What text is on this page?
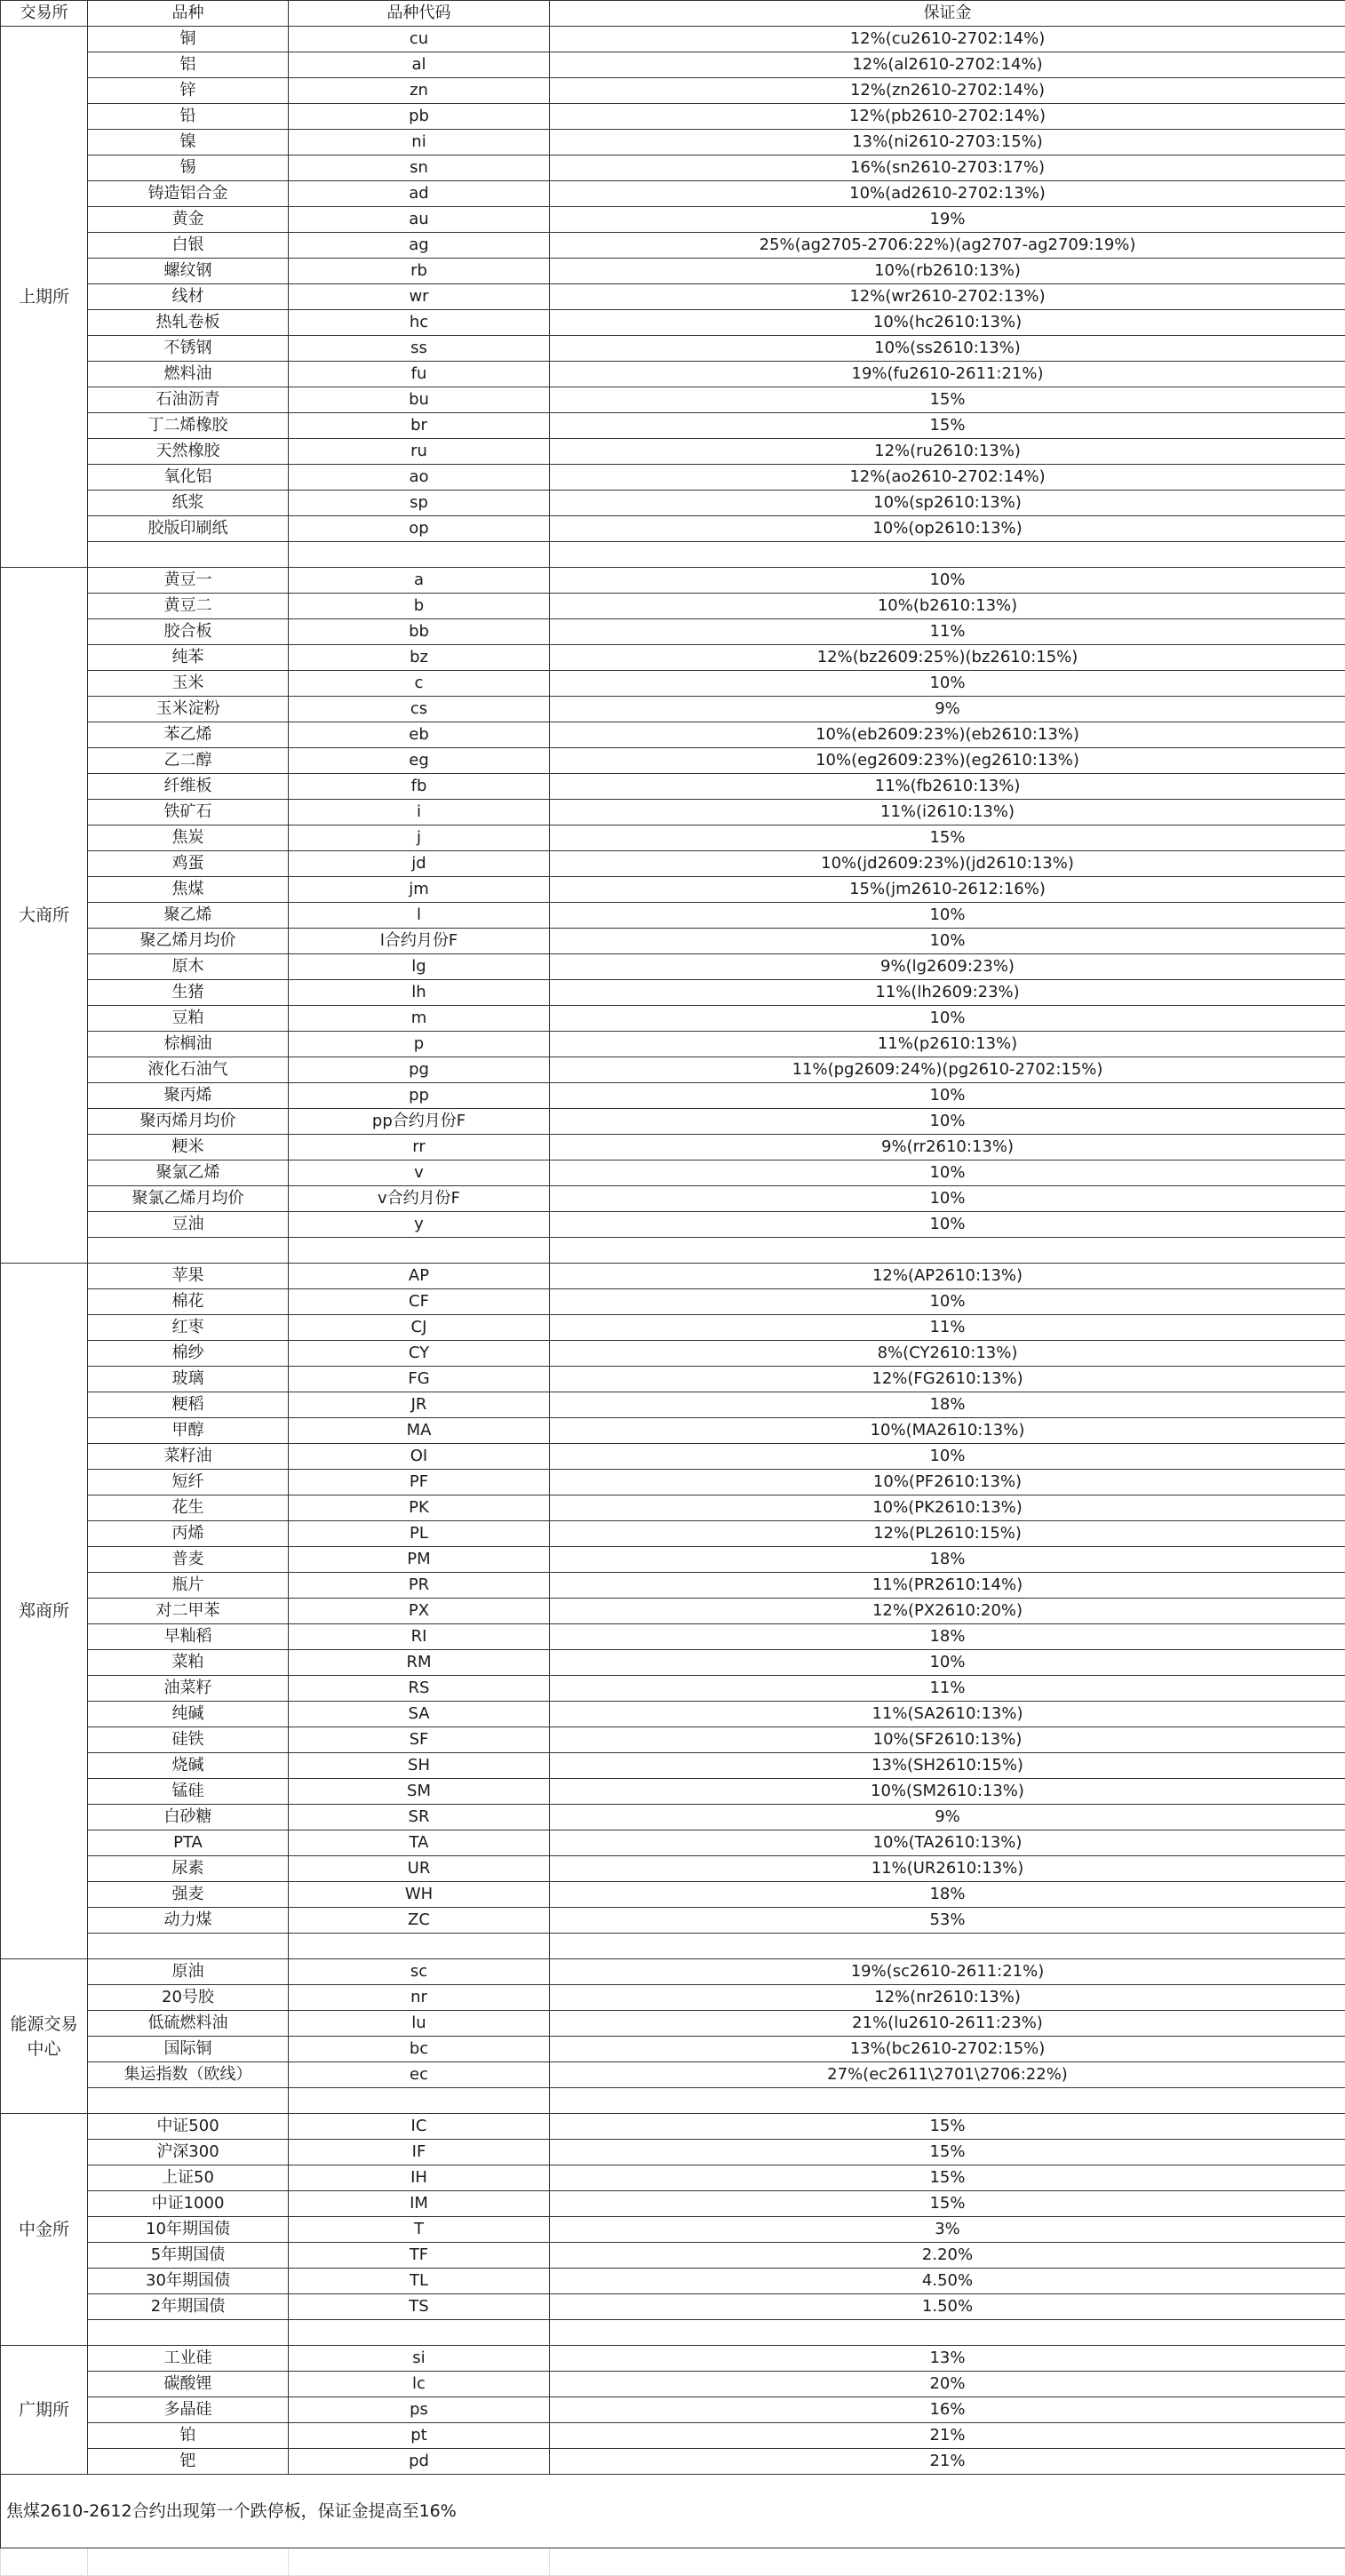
交易所	品种	品种代码	保证金
上期所	铜	cu	12%(cu2610-2702:14%)
	铝	al	12%(al2610-2702:14%)
	锌	zn	12%(zn2610-2702:14%)
	铅	pb	12%(pb2610-2702:14%)
	镍	ni	13%(ni2610-2703:15%)
	锡	sn	16%(sn2610-2703:17%)
	铸造铝合金	ad	10%(ad2610-2702:13%)
	黄金	au	19%
	白银	ag	25%(ag2705-2706:22%)(ag2707-ag2709:19%)
	螺纹钢	rb	10%(rb2610:13%)
	线材	wr	12%(wr2610-2702:13%)
	热轧卷板	hc	10%(hc2610:13%)
	不锈钢	ss	10%(ss2610:13%)
	燃料油	fu	19%(fu2610-2611:21%)
	石油沥青	bu	15%
	丁二烯橡胶	br	15%
	天然橡胶	ru	12%(ru2610:13%)
	氧化铝	ao	12%(ao2610-2702:14%)
	纸浆	sp	10%(sp2610:13%)
	胶版印刷纸	op	10%(op2610:13%)

大商所	黄豆一	a	10%
	黄豆二	b	10%(b2610:13%)
	胶合板	bb	11%
	纯苯	bz	12%(bz2609:25%)(bz2610:15%)
	玉米	c	10%
	玉米淀粉	cs	9%
	苯乙烯	eb	10%(eb2609:23%)(eb2610:13%)
	乙二醇	eg	10%(eg2609:23%)(eg2610:13%)
	纤维板	fb	11%(fb2610:13%)
	铁矿石	i	11%(i2610:13%)
	焦炭	j	15%
	鸡蛋	jd	10%(jd2609:23%)(jd2610:13%)
	焦煤	jm	15%(jm2610-2612:16%)
	聚乙烯	l	10%
	聚乙烯月均价	l合约月份F	10%
	原木	lg	9%(lg2609:23%)
	生猪	lh	11%(lh2609:23%)
	豆粕	m	10%
	棕榈油	p	11%(p2610:13%)
	液化石油气	pg	11%(pg2609:24%)(pg2610-2702:15%)
	聚丙烯	pp	10%
	聚丙烯月均价	pp合约月份F	10%
	粳米	rr	9%(rr2610:13%)
	聚氯乙烯	v	10%
	聚氯乙烯月均价	v合约月份F	10%
	豆油	y	10%

郑商所	苹果	AP	12%(AP2610:13%)
	棉花	CF	10%
	红枣	CJ	11%
	棉纱	CY	8%(CY2610:13%)
	玻璃	FG	12%(FG2610:13%)
	粳稻	JR	18%
	甲醇	MA	10%(MA2610:13%)
	菜籽油	OI	10%
	短纤	PF	10%(PF2610:13%)
	花生	PK	10%(PK2610:13%)
	丙烯	PL	12%(PL2610:15%)
	普麦	PM	18%
	瓶片	PR	11%(PR2610:14%)
	对二甲苯	PX	12%(PX2610:20%)
	早籼稻	RI	18%
	菜粕	RM	10%
	油菜籽	RS	11%
	纯碱	SA	11%(SA2610:13%)
	硅铁	SF	10%(SF2610:13%)
	烧碱	SH	13%(SH2610:15%)
	锰硅	SM	10%(SM2610:13%)
	白砂糖	SR	9%
	PTA	TA	10%(TA2610:13%)
	尿素	UR	11%(UR2610:13%)
	强麦	WH	18%
	动力煤	ZC	53%

能源交易中心	原油	sc	19%(sc2610-2611:21%)
	20号胶	nr	12%(nr2610:13%)
	低硫燃料油	lu	21%(lu2610-2611:23%)
	国际铜	bc	13%(bc2610-2702:15%)
	集运指数（欧线）	ec	27%(ec2611\2701\2706:22%)

中金所	中证500	IC	15%
	沪深300	IF	15%
	上证50	IH	15%
	中证1000	IM	15%
	10年期国债	T	3%
	5年期国债	TF	2.20%
	30年期国债	TL	4.50%
	2年期国债	TS	1.50%

广期所	工业硅	si	13%
	碳酸锂	lc	20%
	多晶硅	ps	16%
	铂	pt	21%
	钯	pd	21%
焦煤2610-2612合约出现第一个跌停板，保证金提高至16%			
